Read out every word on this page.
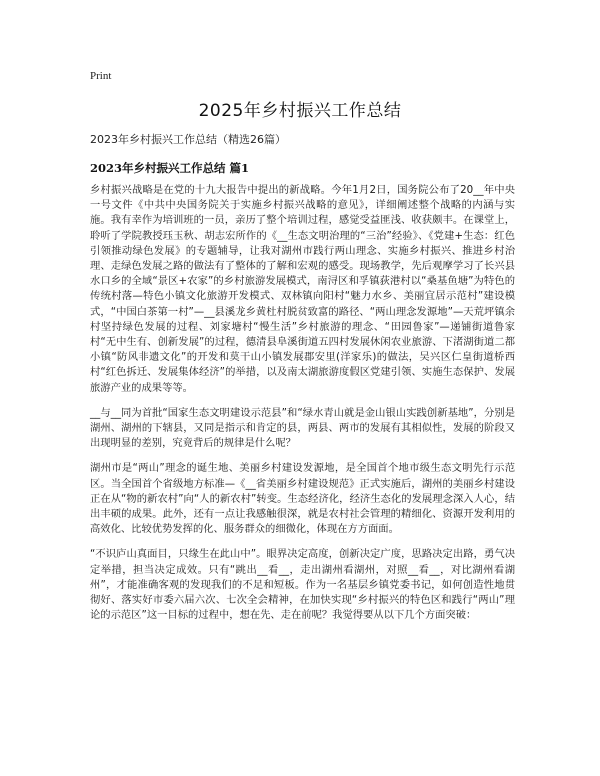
Print
2025年乡村振兴工作总结
2023年乡村振兴工作总结（精选26篇）
2023年乡村振兴工作总结 篇1

乡村振兴战略是在党的十九大报告中提出的新战略。今年1月2日，国务院公布了20__年中央一号文件《中共中央国务院关于实施乡村振兴战略的意见》，详细阐述整个战略的内涵与实施。我有幸作为培训班的一员，亲历了整个培训过程，感觉受益匪浅、收获颇丰。在课堂上，聆听了学院教授珏玉秋、胡志宏所作的《__生态文明治理的“三治”经验》、《党建+生态：红色引领推动绿色发展》的专题辅导，让我对湖州市践行两山理念、实施乡村振兴、推进乡村治理、走绿色发展之路的做法有了整体的了解和宏观的感受。现场教学，先后观摩学习了长兴县水口乡的全域“景区+农家”的乡村旅游发展模式，南浔区和孚镇荻港村以“桑基鱼塘”为特色的传统村落—特色小镇文化旅游开发模式、双林镇向阳村“魅力水乡、美丽宜居示范村”建设模式，“中国白茶第一村”—__县溪龙乡黄杜村脱贫致富的路径、“两山理念发源地”—天荒坪镇余村坚持绿色发展的过程、刘家塘村“慢生活”乡村旅游的理念、“田园鲁家”—递铺街道鲁家村“无中生有、创新发展”的过程，德清县阜溪街道五四村发展休闲农业旅游、下渚湖街道二都小镇“防风非遗文化”的开发和莫干山小镇发展郡安里(洋家乐)的做法，吴兴区仁皇街道桥西村“红色拆迁、发展集体经济”的举措，以及南太湖旅游度假区党建引领、实施生态保护、发展旅游产业的成果等等。

__与__同为首批“国家生态文明建设示范县”和“绿水青山就是金山银山实践创新基地”，分别是湖州、湖州的下辖县，又同是指示和肯定的县，两县、两市的发展有其相似性，发展的阶段又出现明显的差别，究竟背后的规律是什么呢？

湖州市是“两山”理念的诞生地、美丽乡村建设发源地，是全国首个地市级生态文明先行示范区。当全国首个省级地方标准—《__省美丽乡村建设规范》正式实施后，湖州的美丽乡村建设正在从“物的新农村”向“人的新农村”转变。生态经济化，经济生态化的发展理念深入人心，结出丰硕的成果。此外，还有一点让我感触很深，就是农村社会管理的精细化、资源开发利用的高效化、比较优势发挥的化、服务群众的细微化，体现在方方面面。

“不识庐山真面目，只缘生在此山中”。眼界决定高度，创新决定广度，思路决定出路，勇气决定举措，担当决定成效。只有“跳出__看__，走出湖州看湖州，对照__看__，对比湖州看湖州”，才能准确客观的发现我们的不足和短板。作为一名基层乡镇党委书记，如何创造性地贯彻好、落实好市委六届六次、七次全会精神，在加快实现“乡村振兴的特色区和践行“两山”理论的示范区”这一目标的过程中，想在先、走在前呢？我觉得要从以下几个方面突破：
